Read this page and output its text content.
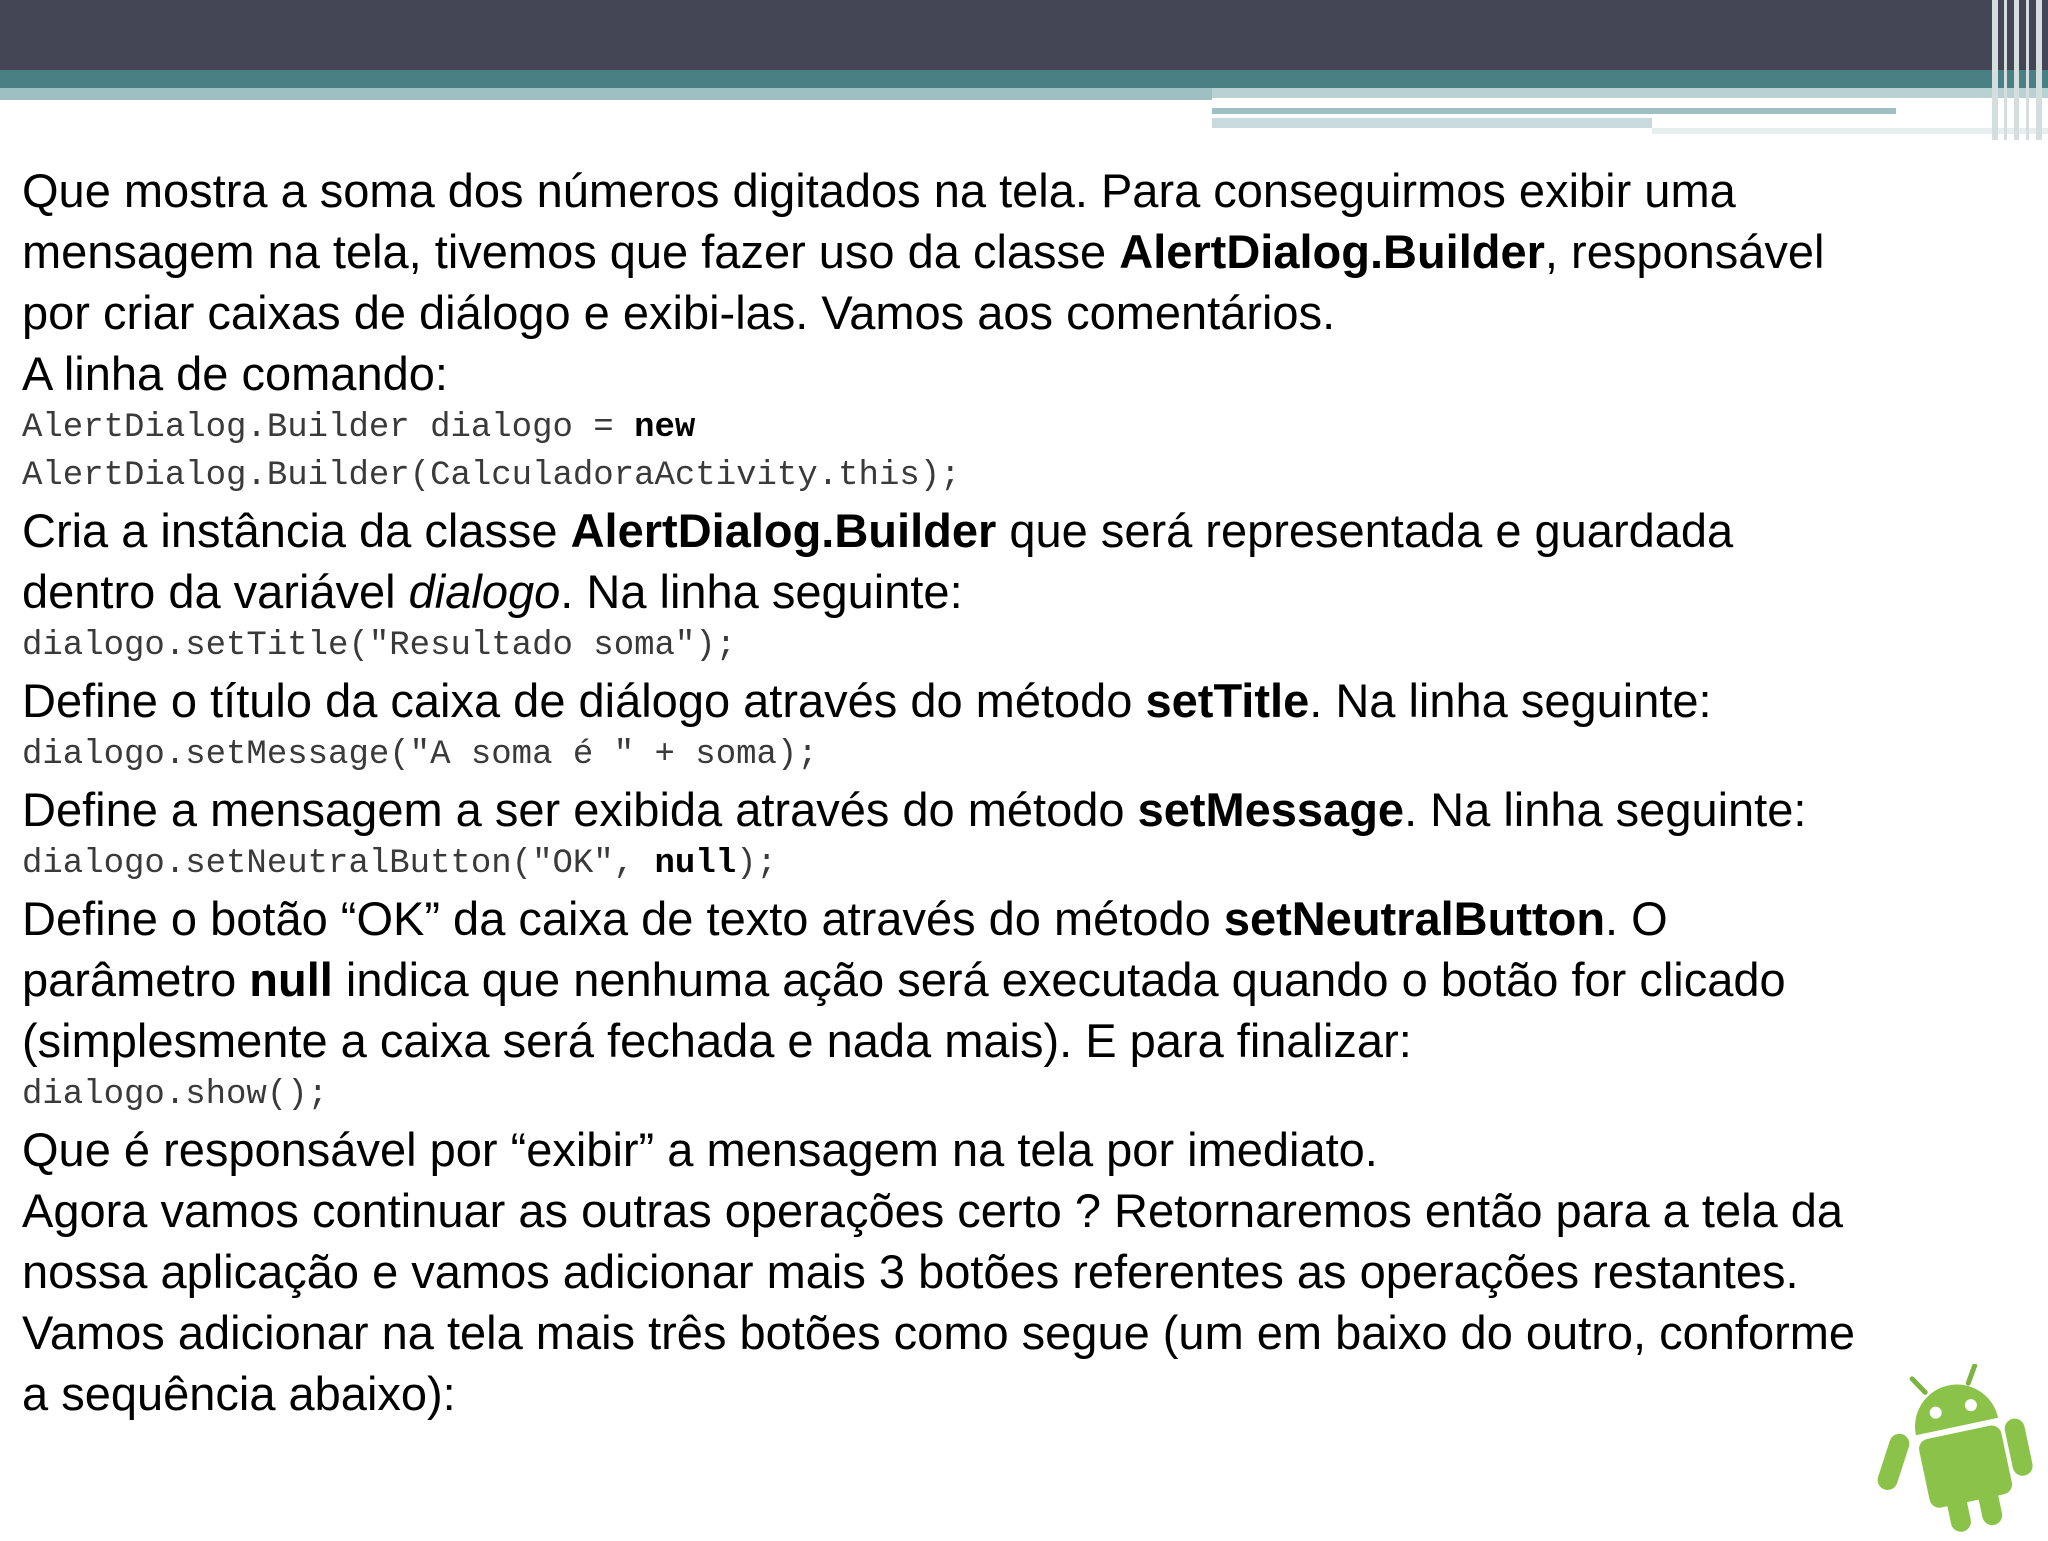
Que mostra a soma dos números digitados na tela. Para conseguirmos exibir uma

mensagem na tela, tivemos que fazer uso da classe AlertDialog.Builder, responsável

por criar caixas de diálogo e exibi-las. Vamos aos comentários.

A linha de comando:

AlertDialog.Builder dialogo = new

AlertDialog.Builder(CalculadoraActivity.this);

Cria a instância da classe AlertDialog.Builder que será representada e guardada

dentro da variável dialogo. Na linha seguinte:

dialogo.setTitle("Resultado soma");

Define o título da caixa de diálogo através do método setTitle. Na linha seguinte:

dialogo.setMessage("A soma é " + soma);

Define a mensagem a ser exibida através do método setMessage. Na linha seguinte:

dialogo.setNeutralButton("OK", null);

Define o botão “OK” da caixa de texto através do método setNeutralButton. O

parâmetro null indica que nenhuma ação será executada quando o botão for clicado

(simplesmente a caixa será fechada e nada mais). E para finalizar:

dialogo.show();

Que é responsável por “exibir” a mensagem na tela por imediato.

Agora vamos continuar as outras operações certo ? Retornaremos então para a tela da

nossa aplicação e vamos adicionar mais 3 botões referentes as operações restantes.

Vamos adicionar na tela mais três botões como segue (um em baixo do outro, conforme

a sequência abaixo):
